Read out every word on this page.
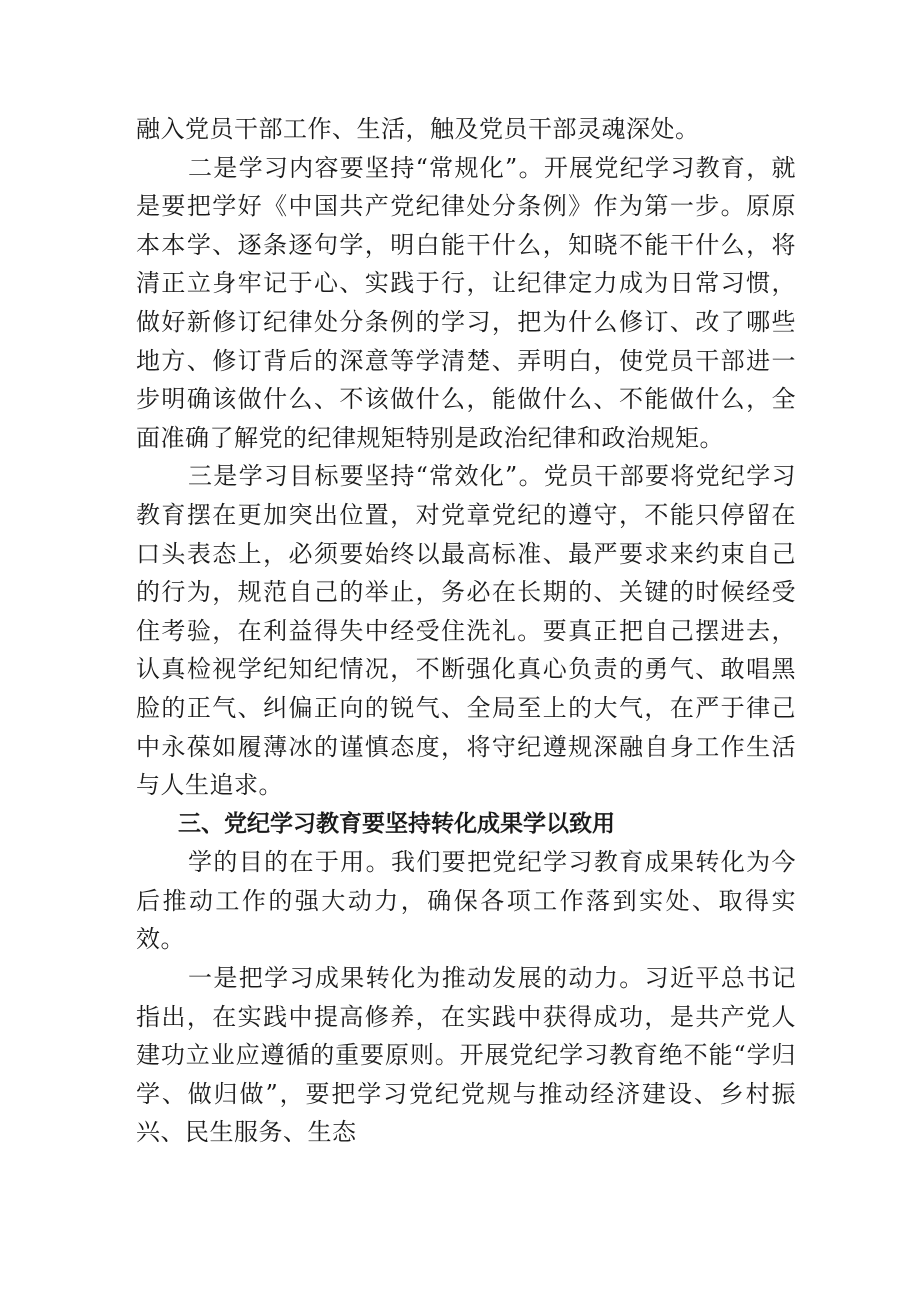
融入党员干部工作、生活，触及党员干部灵魂深处。

二是学习内容要坚持“常规化”。开展党纪学习教育，就是要把学好《中国共产党纪律处分条例》作为第一步。原原本本学、逐条逐句学，明白能干什么，知晓不能干什么，将清正立身牢记于心、实践于行，让纪律定力成为日常习惯，做好新修订纪律处分条例的学习，把为什么修订、改了哪些地方、修订背后的深意等学清楚、弄明白，使党员干部进一步明确该做什么、不该做什么，能做什么、不能做什么，全面准确了解党的纪律规矩特别是政治纪律和政治规矩。

三是学习目标要坚持“常效化”。党员干部要将党纪学习教育摆在更加突出位置，对党章党纪的遵守，不能只停留在口头表态上，必须要始终以最高标准、最严要求来约束自己的行为，规范自己的举止，务必在长期的、关键的时候经受住考验，在利益得失中经受住洗礼。要真正把自己摆进去，认真检视学纪知纪情况，不断强化真心负责的勇气、敢唱黑脸的正气、纠偏正向的锐气、全局至上的大气，在严于律己中永葆如履薄冰的谨慎态度，将守纪遵规深融自身工作生活与人生追求。

三、党纪学习教育要坚持转化成果学以致用

学的目的在于用。我们要把党纪学习教育成果转化为今后推动工作的强大动力，确保各项工作落到实处、取得实效。

一是把学习成果转化为推动发展的动力。习近平总书记指出，在实践中提高修养，在实践中获得成功，是共产党人建功立业应遵循的重要原则。开展党纪学习教育绝不能“学归学、做归做”，要把学习党纪党规与推动经济建设、乡村振兴、民生服务、生态
